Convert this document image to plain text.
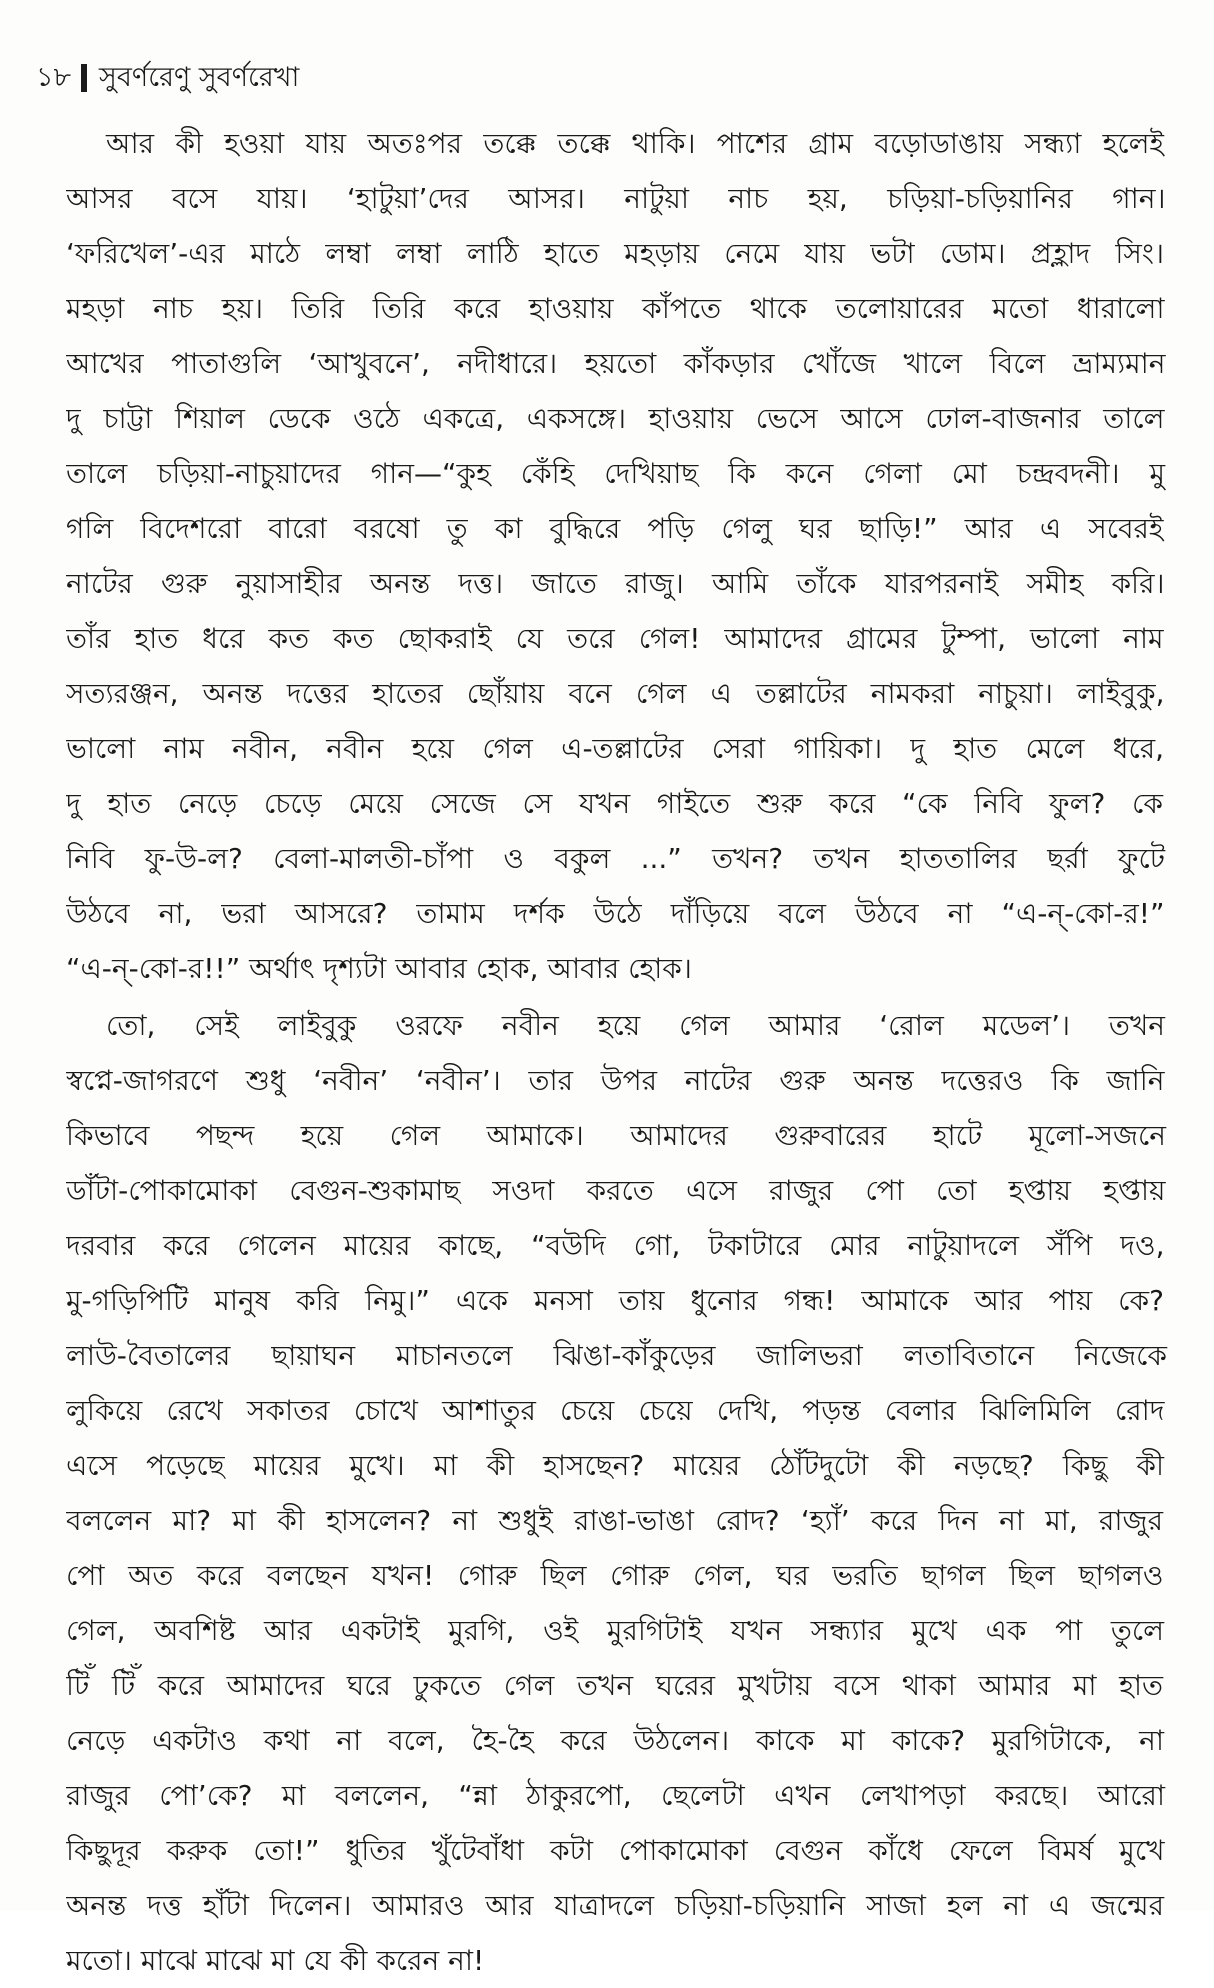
১৮ সুবর্ণরেণু সুবর্ণরেখা
আর কী হওয়া যায় অতঃপর তক্কে তক্কে থাকি। পাশের গ্রাম বড়োডাঙায় সন্ধ্যা হলেই
আসর বসে যায়। ‘হাটুয়া’দের আসর। নাটুয়া নাচ হয়, চড়িয়া-চড়িয়ানির গান।
‘ফরিখেল’-এর মাঠে লম্বা লম্বা লাঠি হাতে মহড়ায় নেমে যায় ভটা ডোম। প্রহ্লাদ সিং।
মহড়া নাচ হয়। তিরি তিরি করে হাওয়ায় কাঁপতে থাকে তলোয়ারের মতো ধারালো
আখের পাতাগুলি ‘আখুবনে’, নদীধারে। হয়তো কাঁকড়ার খোঁজে খালে বিলে ভ্রাম্যমান
দু চাট্টা শিয়াল ডেকে ওঠে একত্রে, একসঙ্গে। হাওয়ায় ভেসে আসে ঢোল-বাজনার তালে
তালে চড়িয়া-নাচুয়াদের গান—“কুহ কেঁহি দেখিয়াছ কি কনে গেলা মো চন্দ্রবদনী। মু
গলি বিদেশরো বারো বরষো তু কা বুদ্ধিরে পড়ি গেলু ঘর ছাড়ি!” আর এ সবেরই
নাটের গুরু নুয়াসাহীর অনন্ত দত্ত। জাতে রাজু। আমি তাঁকে যারপরনাই সমীহ করি।
তাঁর হাত ধরে কত কত ছোকরাই যে তরে গেল! আমাদের গ্রামের টুম্পা, ভালো নাম
সত্যরঞ্জন, অনন্ত দত্তের হাতের ছোঁয়ায় বনে গেল এ তল্লাটের নামকরা নাচুয়া। লাইবুকু,
ভালো নাম নবীন, নবীন হয়ে গেল এ-তল্লাটের সেরা গায়িকা। দু হাত মেলে ধরে,
দু হাত নেড়ে চেড়ে মেয়ে সেজে সে যখন গাইতে শুরু করে “কে নিবি ফুল? কে
নিবি ফু-উ-ল? বেলা-মালতী-চাঁপা ও বকুল ...” তখন? তখন হাততালির ছর্রা ফুটে
উঠবে না, ভরা আসরে? তামাম দর্শক উঠে দাঁড়িয়ে বলে উঠবে না “এ-ন্-কো-র!”
“এ-ন্-কো-র!!” অর্থাৎ দৃশ্যটা আবার হোক, আবার হোক।
তো, সেই লাইবুকু ওরফে নবীন হয়ে গেল আমার ‘রোল মডেল’। তখন
স্বপ্নে-জাগরণে শুধু ‘নবীন’ ‘নবীন’। তার উপর নাটের গুরু অনন্ত দত্তেরও কি জানি
কিভাবে পছন্দ হয়ে গেল আমাকে। আমাদের গুরুবারের হাটে মূলো-সজনে
ডাঁটা-পোকামোকা বেগুন-শুকামাছ সওদা করতে এসে রাজুর পো তো হপ্তায় হপ্তায়
দরবার করে গেলেন মায়ের কাছে, “বউদি গো, টকাটারে মোর নাটুয়াদলে সঁপি দও,
মু-গড়িপিটি মানুষ করি নিমু।” একে মনসা তায় ধুনোর গন্ধ! আমাকে আর পায় কে?
লাউ-বৈতালের ছায়াঘন মাচানতলে ঝিঙা-কাঁকুড়ের জালিভরা লতাবিতানে নিজেকে
লুকিয়ে রেখে সকাতর চোখে আশাতুর চেয়ে চেয়ে দেখি, পড়ন্ত বেলার ঝিলিমিলি রোদ
এসে পড়েছে মায়ের মুখে। মা কী হাসছেন? মায়ের ঠোঁটদুটো কী নড়ছে? কিছু কী
বললেন মা? মা কী হাসলেন? না শুধুই রাঙা-ভাঙা রোদ? ‘হ্যাঁ’ করে দিন না মা, রাজুর
পো অত করে বলছেন যখন! গোরু ছিল গোরু গেল, ঘর ভরতি ছাগল ছিল ছাগলও
গেল, অবশিষ্ট আর একটাই মুরগি, ওই মুরগিটাই যখন সন্ধ্যার মুখে এক পা তুলে
টিঁ টিঁ করে আমাদের ঘরে ঢুকতে গেল তখন ঘরের মুখটায় বসে থাকা আমার মা হাত
নেড়ে একটাও কথা না বলে, হৈ-হৈ করে উঠলেন। কাকে মা কাকে? মুরগিটাকে, না
রাজুর পো’কে? মা বললেন, “ন্না ঠাকুরপো, ছেলেটা এখন লেখাপড়া করছে। আরো
কিছুদূর করুক তো!” ধুতির খুঁটেবাঁধা কটা পোকামোকা বেগুন কাঁধে ফেলে বিমর্ষ মুখে
অনন্ত দত্ত হাঁটা দিলেন। আমারও আর যাত্রাদলে চড়িয়া-চড়িয়ানি সাজা হল না এ জন্মের
মতো। মাঝে মাঝে মা যে কী করেন না!
